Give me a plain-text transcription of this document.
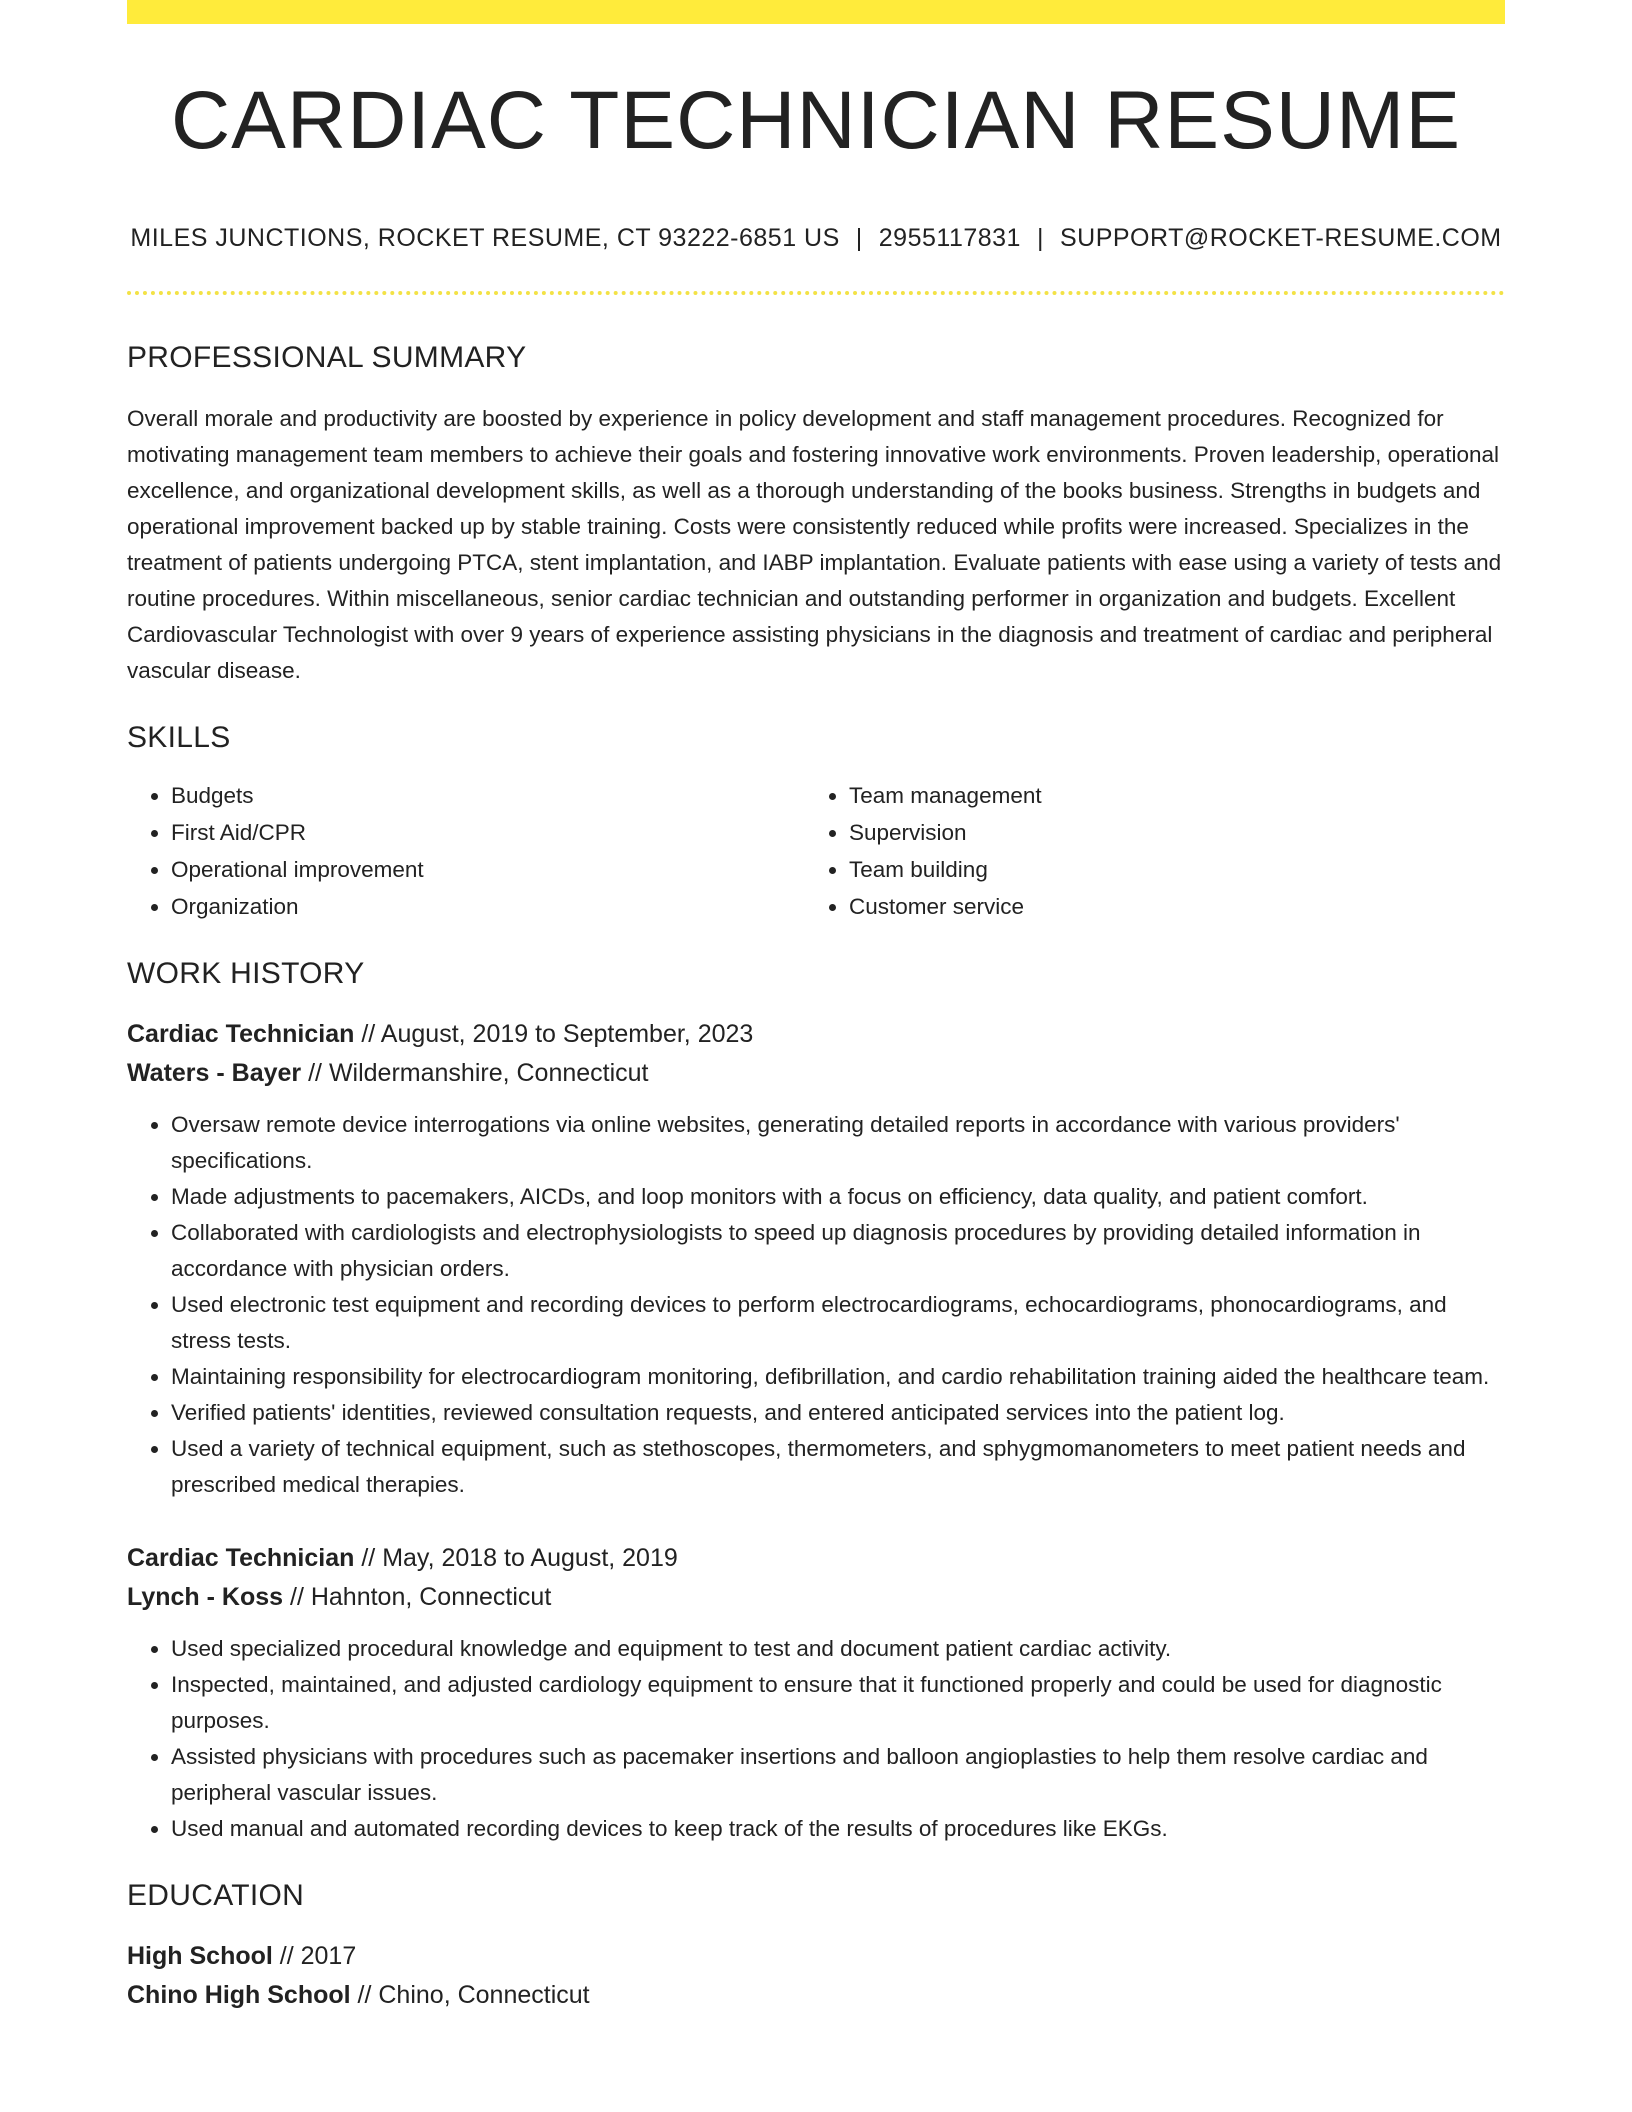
CARDIAC TECHNICIAN RESUME
MILES JUNCTIONS, ROCKET RESUME, CT 93222-6851 US | 2955117831 | SUPPORT@ROCKET-RESUME.COM
PROFESSIONAL SUMMARY
Overall morale and productivity are boosted by experience in policy development and staff management procedures. Recognized for motivating management team members to achieve their goals and fostering innovative work environments. Proven leadership, operational excellence, and organizational development skills, as well as a thorough understanding of the books business. Strengths in budgets and operational improvement backed up by stable training. Costs were consistently reduced while profits were increased. Specializes in the treatment of patients undergoing PTCA, stent implantation, and IABP implantation. Evaluate patients with ease using a variety of tests and routine procedures. Within miscellaneous, senior cardiac technician and outstanding performer in organization and budgets. Excellent Cardiovascular Technologist with over 9 years of experience assisting physicians in the diagnosis and treatment of cardiac and peripheral vascular disease.
SKILLS
• Budgets
• First Aid/CPR
• Operational improvement
• Organization
• Team management
• Supervision
• Team building
• Customer service
WORK HISTORY
Cardiac Technician // August, 2019 to September, 2023
Waters - Bayer // Wildermanshire, Connecticut
• Oversaw remote device interrogations via online websites, generating detailed reports in accordance with various providers' specifications.
• Made adjustments to pacemakers, AICDs, and loop monitors with a focus on efficiency, data quality, and patient comfort.
• Collaborated with cardiologists and electrophysiologists to speed up diagnosis procedures by providing detailed information in accordance with physician orders.
• Used electronic test equipment and recording devices to perform electrocardiograms, echocardiograms, phonocardiograms, and stress tests.
• Maintaining responsibility for electrocardiogram monitoring, defibrillation, and cardio rehabilitation training aided the healthcare team.
• Verified patients' identities, reviewed consultation requests, and entered anticipated services into the patient log.
• Used a variety of technical equipment, such as stethoscopes, thermometers, and sphygmomanometers to meet patient needs and prescribed medical therapies.
Cardiac Technician // May, 2018 to August, 2019
Lynch - Koss // Hahnton, Connecticut
• Used specialized procedural knowledge and equipment to test and document patient cardiac activity.
• Inspected, maintained, and adjusted cardiology equipment to ensure that it functioned properly and could be used for diagnostic purposes.
• Assisted physicians with procedures such as pacemaker insertions and balloon angioplasties to help them resolve cardiac and peripheral vascular issues.
• Used manual and automated recording devices to keep track of the results of procedures like EKGs.
EDUCATION
High School // 2017
Chino High School // Chino, Connecticut
